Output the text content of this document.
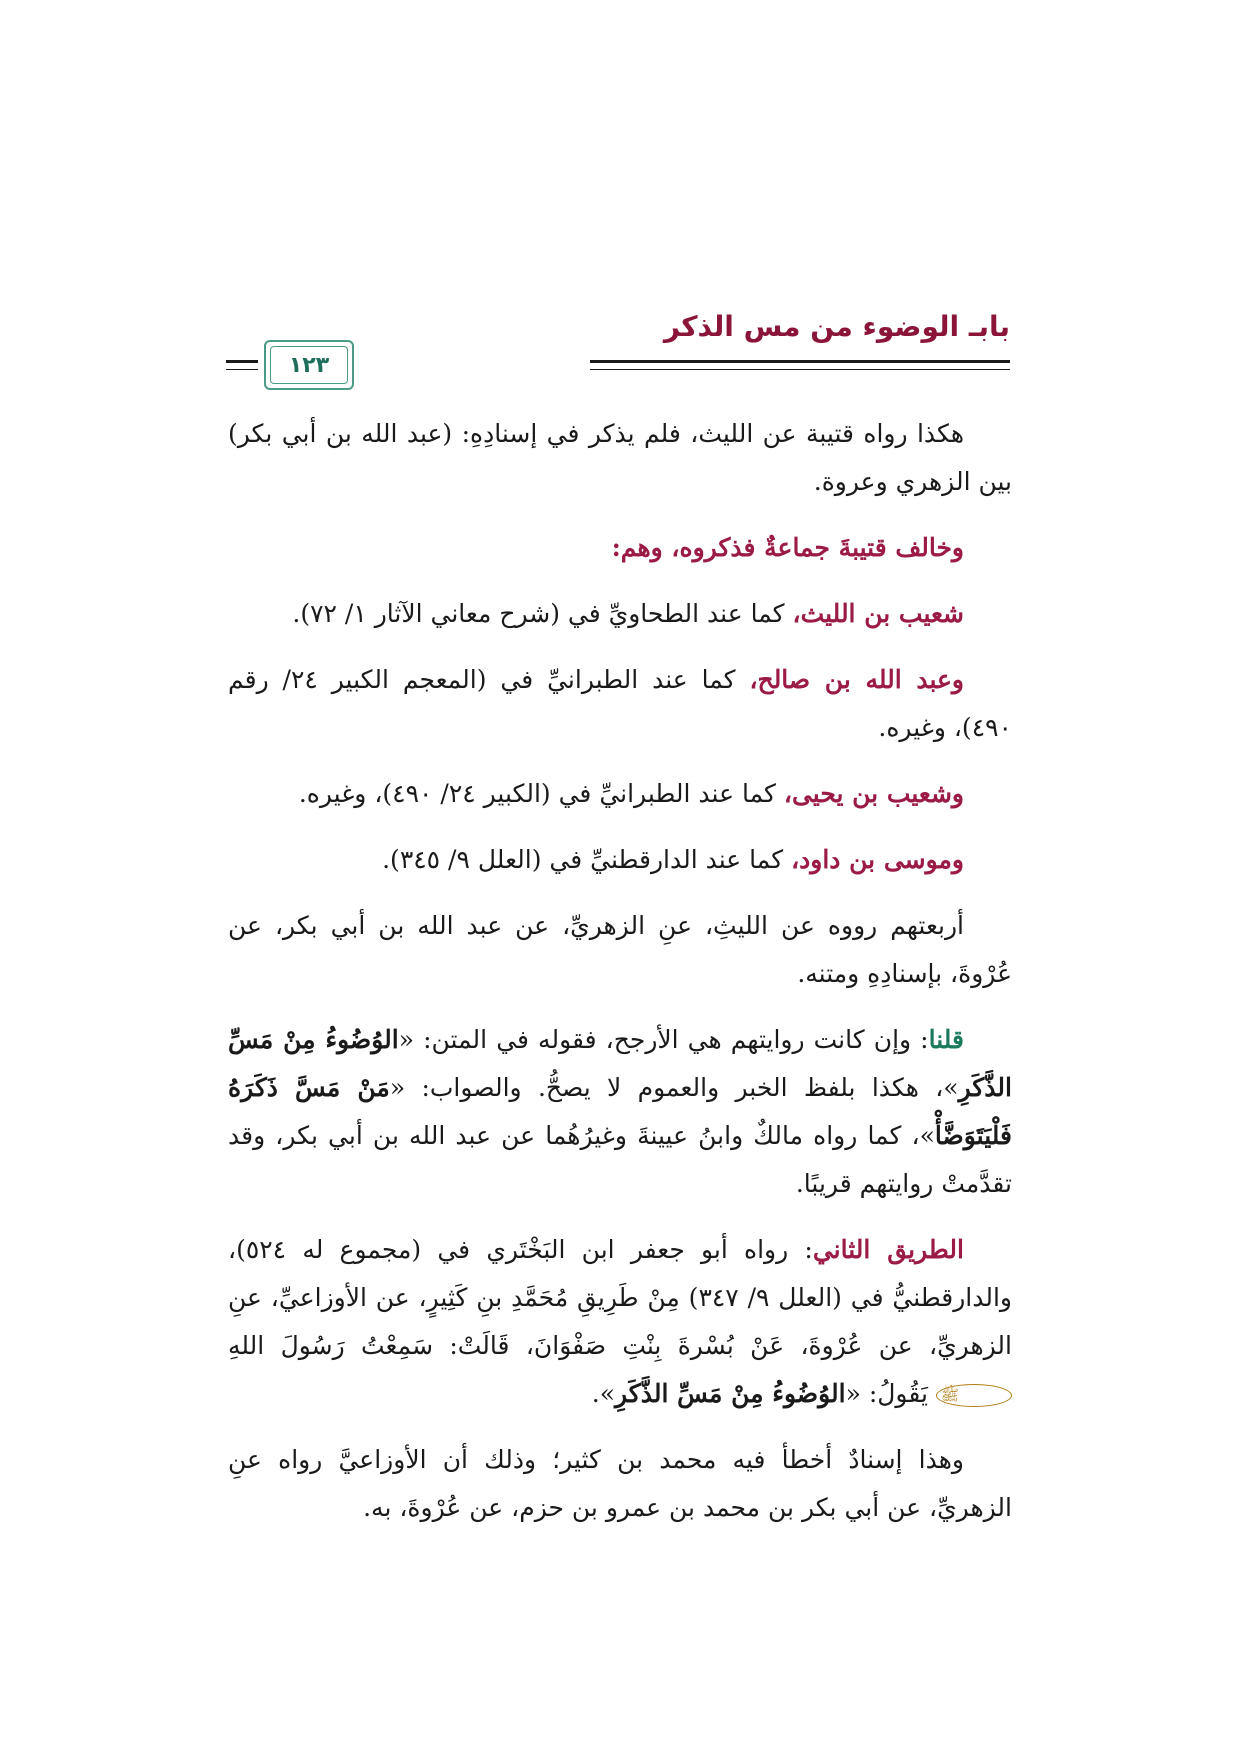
بابـ الوضوء من مس الذكر
١٢٣

هكذا رواه قتيبة عن الليث، فلم يذكر في إسنادِهِ: (عبد الله بن أبي بكر) بين الزهري وعروة.

وخالف قتيبةَ جماعةٌ فذكروه، وهم:

شعيب بن الليث، كما عند الطحاويِّ في (شرح معاني الآثار ١/ ٧٢).

وعبد الله بن صالح، كما عند الطبرانيِّ في (المعجم الكبير ٢٤/ رقم ٤٩٠)، وغيره.

وشعيب بن يحيى، كما عند الطبرانيِّ في (الكبير ٢٤/ ٤٩٠)، وغيره.

وموسى بن داود، كما عند الدارقطنيِّ في (العلل ٩/ ٣٤٥).

أربعتهم رووه عن الليثِ، عنِ الزهريِّ، عن عبد الله بن أبي بكر، عن عُرْوةَ، بإسنادِهِ ومتنه.

قلنا: وإن كانت روايتهم هي الأرجح، فقوله في المتن: «الوُضُوءُ مِنْ مَسِّ الذَّكَرِ»، هكذا بلفظ الخبر والعموم لا يصحُّ. والصواب: «مَنْ مَسَّ ذَكَرَهُ فَلْيَتَوَضَّأْ»، كما رواه مالكٌ وابنُ عيينةَ وغيرُهُما عن عبد الله بن أبي بكر، وقد تقدَّمتْ روايتهم قريبًا.

الطريق الثاني: رواه أبو جعفر ابن البَخْتَري في (مجموع له ٥٢٤)، والدارقطنيُّ في (العلل ٩/ ٣٤٧) مِنْ طَرِيقِ مُحَمَّدِ بنِ كَثِيرٍ، عن الأوزاعيِّ، عنِ الزهريِّ، عن عُرْوةَ، عَنْ بُسْرةَ بِنْتِ صَفْوَانَ، قَالَتْ: سَمِعْتُ رَسُولَ اللهِ ﷺ يَقُولُ: «الوُضُوءُ مِنْ مَسِّ الذَّكَرِ».

وهذا إسنادٌ أخطأ فيه محمد بن كثير؛ وذلك أن الأوزاعيَّ رواه عنِ الزهريِّ، عن أبي بكر بن محمد بن عمرو بن حزم، عن عُرْوةَ، به.
